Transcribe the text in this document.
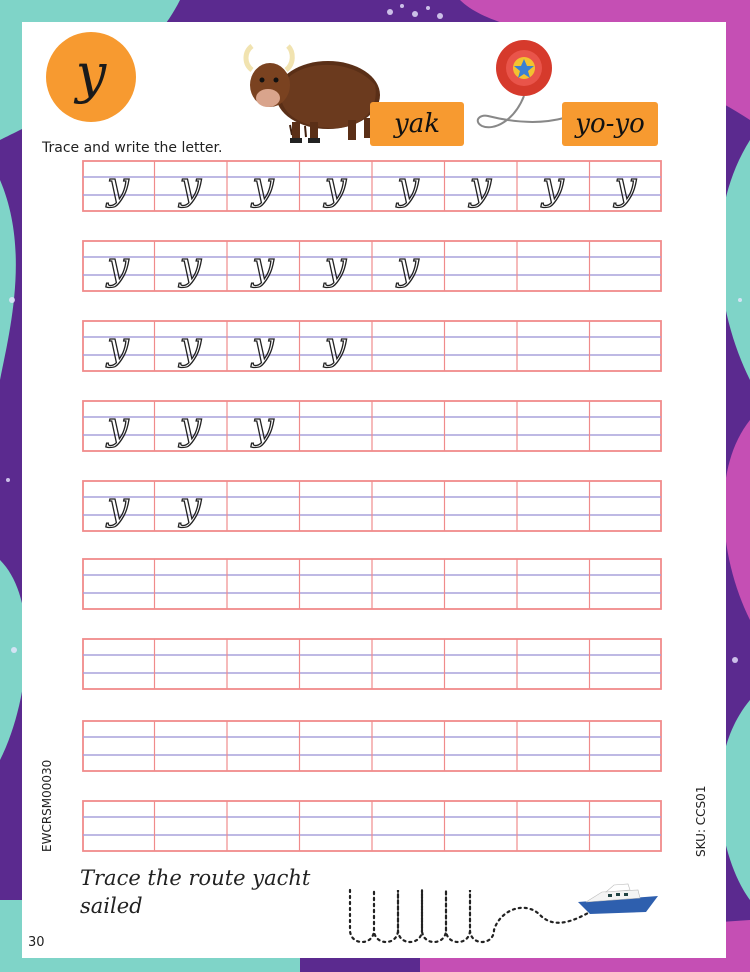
y
yak	yo-yo
Trace and write the letter.
y	y	y	y	y	y	y	y
y	y	y	y	y
y	y	y	y
y	y	y
y	y
EWCRSM00030	SKU: CCS01
Trace the route yacht
sailed
30
